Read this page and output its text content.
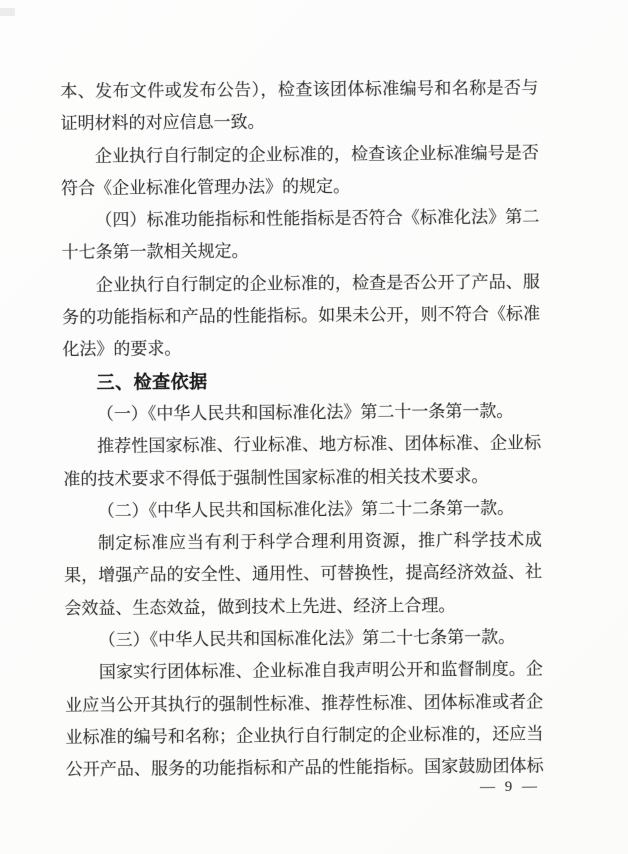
本、发布文件或发布公告），检查该团体标准编号和名称是否与
证明材料的对应信息一致。
企业执行自行制定的企业标准的，检查该企业标准编号是否
符合《企业标准化管理办法》的规定。
（四）标准功能指标和性能指标是否符合《标准化法》第二
十七条第一款相关规定。
企业执行自行制定的企业标准的，检查是否公开了产品、服
务的功能指标和产品的性能指标。如果未公开，则不符合《标准
化法》的要求。
三、检查依据
（一）《中华人民共和国标准化法》第二十一条第一款。
推荐性国家标准、行业标准、地方标准、团体标准、企业标
准的技术要求不得低于强制性国家标准的相关技术要求。
（二）《中华人民共和国标准化法》第二十二条第一款。
制定标准应当有利于科学合理利用资源，推广科学技术成
果，增强产品的安全性、通用性、可替换性，提高经济效益、社
会效益、生态效益，做到技术上先进、经济上合理。
（三）《中华人民共和国标准化法》第二十七条第一款。
国家实行团体标准、企业标准自我声明公开和监督制度。企
业应当公开其执行的强制性标准、推荐性标准、团体标准或者企
业标准的编号和名称；企业执行自行制定的企业标准的，还应当
公开产品、服务的功能指标和产品的性能指标。国家鼓励团体标
— 9 —
